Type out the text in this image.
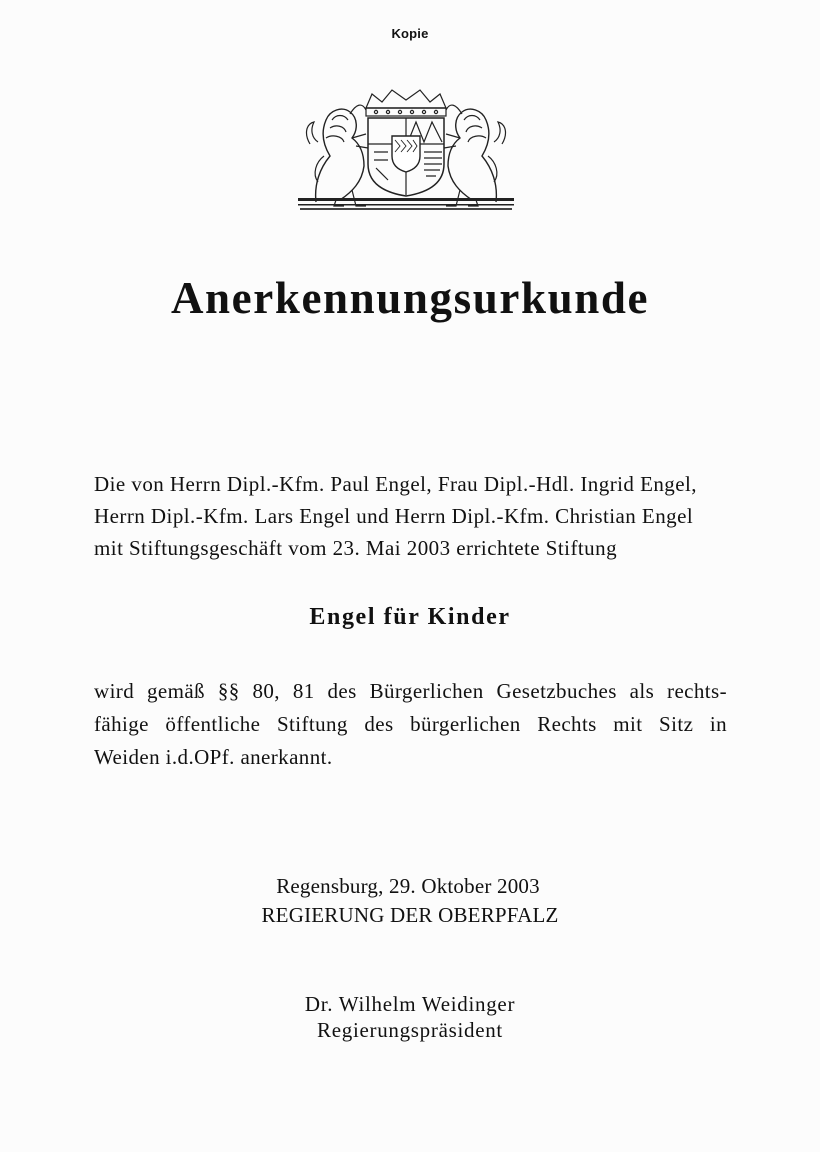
Kopie
Anerkennungsurkunde
Die von Herrn Dipl.-Kfm. Paul Engel, Frau Dipl.-Hdl. Ingrid Engel,
Herrn Dipl.-Kfm. Lars Engel und Herrn Dipl.-Kfm. Christian Engel
mit Stiftungsgeschäft vom 23. Mai 2003 errichtete Stiftung
Engel für Kinder
wird gemäß §§ 80, 81 des Bürgerlichen Gesetzbuches als rechts-
fähige öffentliche Stiftung des bürgerlichen Rechts mit Sitz in
Weiden i.d.OPf. anerkannt.
Regensburg, 29. Oktober 2003
REGIERUNG DER OBERPFALZ
Dr. Wilhelm Weidinger
Regierungspräsident
